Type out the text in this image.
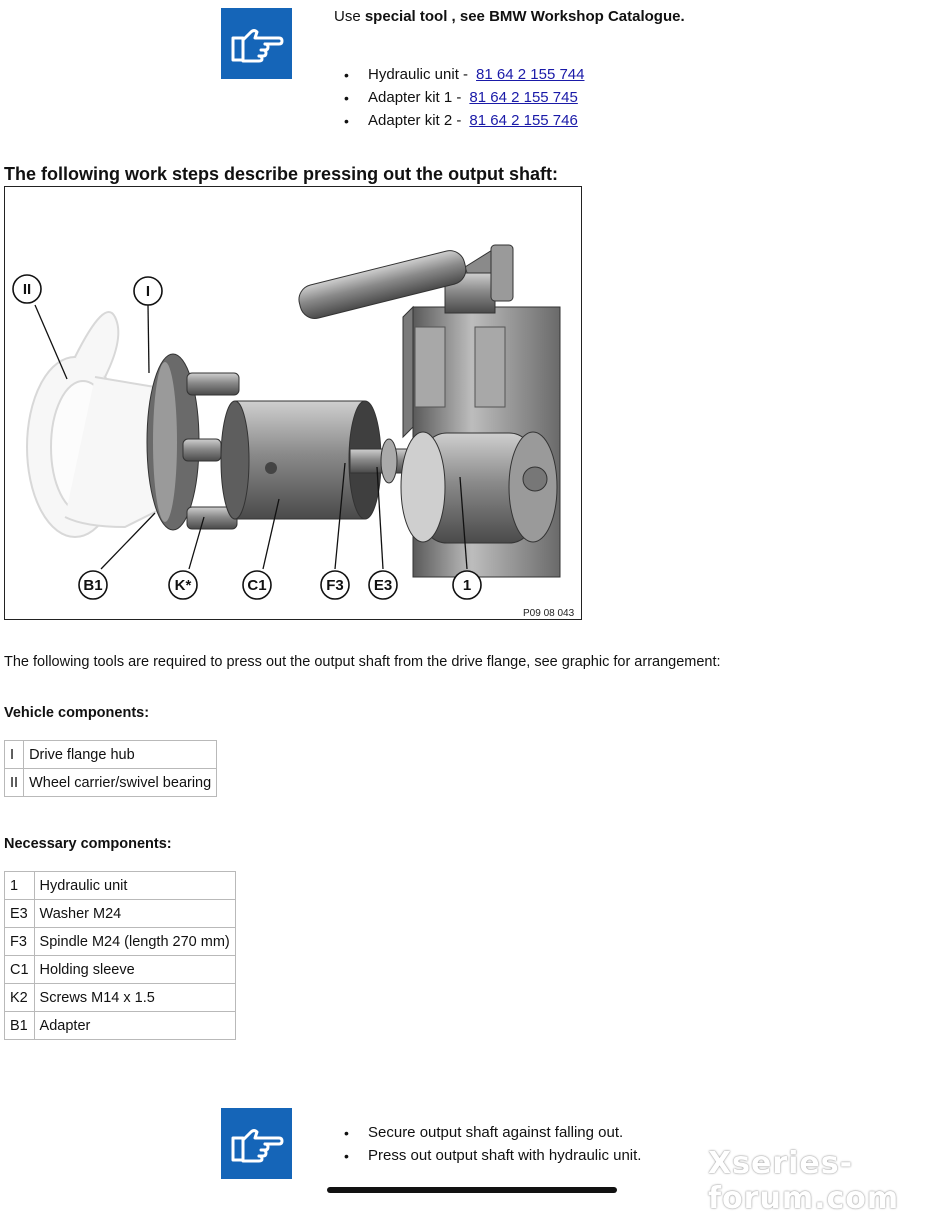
Use special tool , see BMW Workshop Catalogue.
• Hydraulic unit - 81 64 2 155 744
• Adapter kit 1 - 81 64 2 155 745
• Adapter kit 2 - 81 64 2 155 746
The following work steps describe pressing out the output shaft:
II	I
B1	K*	C1	F3 E3	1
P09 08 043

The following tools are required to press out the output shaft from the drive flange, see graphic for arrangement:

Vehicle components:

I	Drive flange hub
II	Wheel carrier/swivel bearing

Necessary components:

1	Hydraulic unit
E3	Washer M24
F3	Spindle M24 (length 270 mm)
C1	Holding sleeve
K2	Screws M14 x 1.5
B1	Adapter
• Secure output shaft against falling out.
• Press out output shaft with hydraulic unit. Xseries-forum.com
